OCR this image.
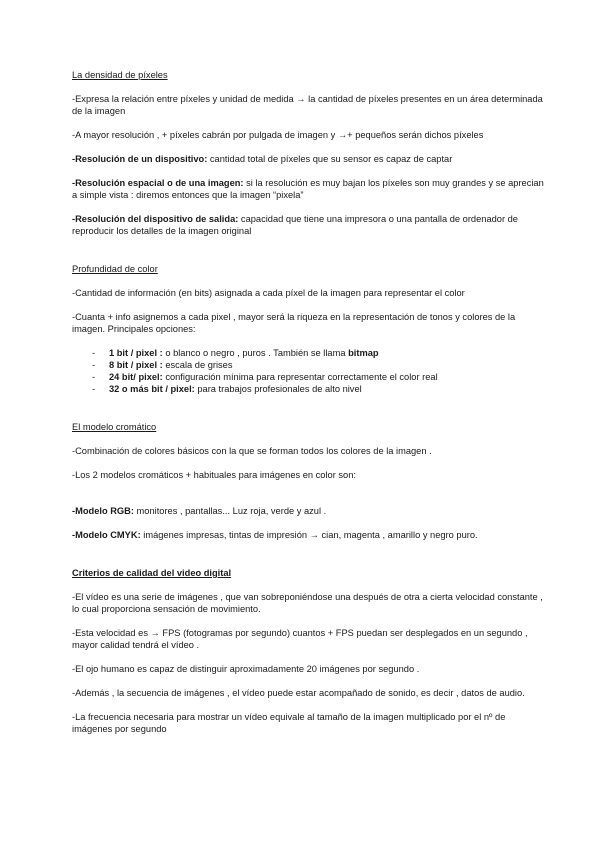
La densidad de píxeles

-Expresa la relación entre píxeles y unidad de medida → la cantidad de píxeles presentes en un área determinada de la imagen

-A mayor resolución , + píxeles cabrán por pulgada de imagen y →+ pequeños serán dichos píxeles

-Resolución de un dispositivo: cantidad total de píxeles que su sensor es capaz de captar

-Resolución espacial o de una imagen: si la resolución es muy bajan los píxeles son muy grandes y se aprecian a simple vista : diremos entonces que la imagen “pixela”

-Resolución del dispositivo de salida: capacidad que tiene una impresora o una pantalla de ordenador de reproducir los detalles de la imagen original

Profundidad de color

-Cantidad de información (en bits) asignada a cada píxel de la imagen para representar el color

-Cuanta + info asignemos a cada pixel , mayor será la riqueza en la representación de tonos y colores de la imagen. Principales opciones:

- 1 bit / pixel : o blanco o negro , puros . También se llama bitmap
- 8 bit / pixel : escala de grises
- 24 bit/ pixel: configuración mínima para representar correctamente el color real
- 32 o más bit / pixel: para trabajos profesionales de alto nivel

El modelo cromático

-Combinación de colores básicos con la que se forman todos los colores de la imagen .

-Los 2 modelos cromáticos + habituales para imágenes en color son:

-Modelo RGB: monitores , pantallas... Luz roja, verde y azul .

-Modelo CMYK: imágenes impresas, tintas de impresión → cian, magenta , amarillo y negro puro.

Criterios de calidad del video digital

-El vídeo es una serie de imágenes , que van sobreponiéndose una después de otra a cierta velocidad constante , lo cual proporciona sensación de movimiento.

-Esta velocidad es → FPS (fotogramas por segundo) cuantos + FPS puedan ser desplegados en un segundo , mayor calidad tendrá el vídeo .

-El ojo humano es capaz de distinguir aproximadamente 20 imágenes por segundo .

-Además , la secuencia de imágenes , el vídeo puede estar acompañado de sonido, es decir , datos de audio.

-La frecuencia necesaria para mostrar un vídeo equivale al tamaño de la imagen multiplicado por el nº de imágenes por segundo
